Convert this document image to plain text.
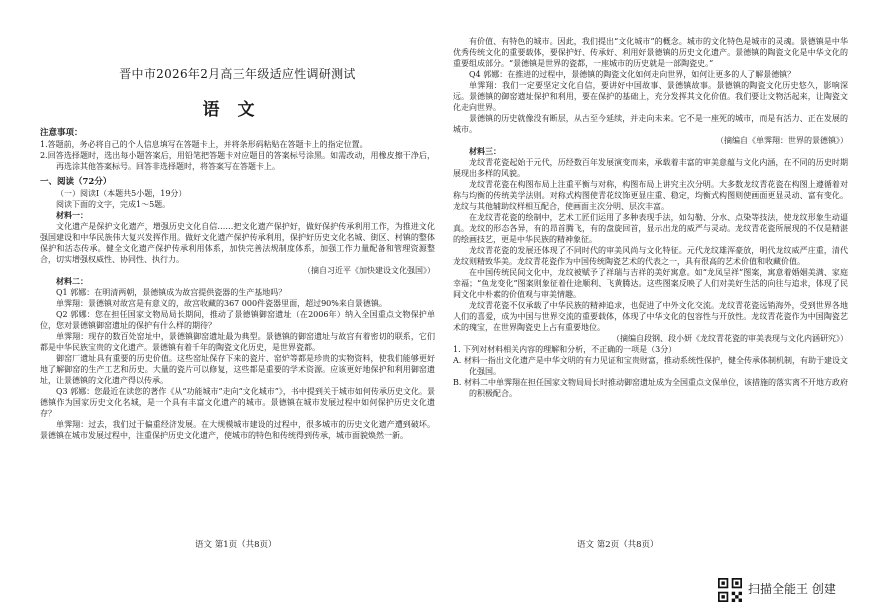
晋中市2026年2月高三年级适应性调研测试
语文

注意事项：

1.答题前，务必将自己的个人信息填写在答题卡上，并将条形码粘贴在答题卡上的指定位置。

2.回答选择题时，选出每小题答案后，用铅笔把答题卡对应题目的答案标号涂黑。如需改动，用橡皮擦干净后，再选涂其他答案标号。回答非选择题时，将答案写在答题卡上。

一、阅读（72分）

（一）阅读Ⅰ（本题共5小题，19分）

阅读下面的文字，完成1～5题。

材料一：

文化遗产是保护文化遗产，增强历史文化自信……把文化遗产保护好，做好保护传承利用工作，为推进文化强国建设和中华民族伟大复兴发挥作用。做好文化遗产保护传承利用，保护好历史文化名城、街区、村镇的整体保护和活态传承。健全文化遗产保护传承利用体系，加快完善法规制度体系，加强工作力量配备和管理资源整合，切实增强权威性、协同性、执行力。

（摘自习近平《加快建设文化强国》）

材料二：

Q1 郭娜：在明清两朝，景德镇成为故宫提供瓷器的生产基地吗？

单霁翔：景德镇对故宫是有意义的，故宫收藏的367 000件瓷器里面，超过90%来自景德镇。

Q2 郭娜：您在担任国家文物局局长期间，推动了景德镇御窑遗址（在2006年）纳入全国重点文物保护单位，您对景德镇御窑遗址的保护有什么样的期待？

单霁翔：现存的数百处窑址中，景德镇御窑遗址最为典型。景德镇的御窑遗址与故宫有着密切的联系，它们都是中华民族宝贵的文化遗产。景德镇有着千年的陶瓷文化历史，是世界瓷都。

御窑厂遗址具有重要的历史价值。这些窑址保存下来的瓷片、窑炉等都是珍贵的实物资料，使我们能够更好地了解御窑的生产工艺和历史。大量的瓷片可以修复，这些都是重要的学术资源。应该更好地保护和利用御窑遗址，让景德镇的文化遗产得以传承。

Q3 郭娜：您最近在读您的著作《从“功能城市”走向“文化城市”》，书中提到关于城市如何传承历史文化。景德镇作为国家历史文化名城，是一个具有丰富文化遗产的城市。景德镇在城市发展过程中如何保护历史文化遗存？

单霁翔：过去，我们过于偏重经济发展。在大规模城市建设的过程中，很多城市的历史文化遗产遭到破坏。景德镇在城市发展过程中，注重保护历史文化遗产，使城市的特色和传统得到传承，城市面貌焕然一新。

语文 第1页（共8页）

有价值、有特色的城市。因此，我们提出“文化城市”的概念。城市的文化特色是城市的灵魂。景德镇是中华优秀传统文化的重要载体，要保护好、传承好、利用好景德镇的历史文化遗产。景德镇的陶瓷文化是中华文化的重要组成部分。“景德镇是世界的瓷都，一座城市的历史就是一部陶瓷史。”

Q4 郭娜：在推进的过程中，景德镇的陶瓷文化如何走向世界，如何让更多的人了解景德镇？

单霁翔：我们一定要坚定文化自信，要讲好中国故事、景德镇故事。景德镇的陶瓷文化历史悠久，影响深远。景德镇的御窑遗址保护和利用，要在保护的基础上，充分发挥其文化价值。我们要让文物活起来，让陶瓷文化走向世界。

景德镇的历史就像没有断层，从古至今延续，并走向未来。它不是一座死的城市，而是有活力、正在发展的城市。

（摘编自《单霁翔：世界的景德镇》）

材料三：

龙纹青花瓷起始于元代，历经数百年发展演变而来，承载着丰富的审美意蕴与文化内涵，在不同的历史时期展现出多样的风貌。

龙纹青花瓷在构图布局上注重平衡与对称，构图布局上讲究主次分明。大多数龙纹青花瓷在构图上遵循着对称与均衡的传统美学法则。对称式构图使青花纹饰更显庄重、稳定，均衡式构图则使画面更显灵动、富有变化。龙纹与其他辅助纹样相互配合，使画面主次分明、层次丰富。

在龙纹青花瓷的绘制中，艺术工匠们运用了多种表现手法，如勾勒、分水、点染等技法，使龙纹形象生动逼真。龙纹的形态各异，有的昂首腾飞，有的盘旋回首，显示出龙的威严与灵动。龙纹青花瓷所展现的不仅是精湛的绘画技艺，更是中华民族的精神象征。

龙纹青花瓷的发展还体现了不同时代的审美风尚与文化特征。元代龙纹雄浑豪放，明代龙纹威严庄重，清代龙纹则精致华美。龙纹青花瓷作为中国传统陶瓷艺术的代表之一，具有很高的艺术价值和收藏价值。

在中国传统民间文化中，龙纹被赋予了祥瑞与吉祥的美好寓意。如“龙凤呈祥”图案，寓意着婚姻美满、家庭幸福；“鱼龙变化”图案则象征着仕途顺利、飞黄腾达。这些图案反映了人们对美好生活的向往与追求，体现了民间文化中朴素的价值观与审美情趣。

龙纹青花瓷不仅承载了中华民族的精神追求，也促进了中外文化交流。龙纹青花瓷远销海外，受到世界各地人们的喜爱，成为中国与世界交流的重要载体，体现了中华文化的包容性与开放性。龙纹青花瓷作为中国陶瓷艺术的瑰宝，在世界陶瓷史上占有重要地位。

（摘编自段钢、段小妍《龙纹青花瓷的审美表现与文化内涵研究》）

1. 下列对材料相关内容的理解和分析，不正确的一项是（3分）

A. 材料一指出文化遗产是中华文明的有力见证和宝贵财富，推动系统性保护，健全传承体制机制，有助于建设文化强国。

B. 材料二中单霁翔在担任国家文物局局长时推动御窑遗址成为全国重点文保单位，该措施的落实离不开地方政府的积极配合。

语文 第2页（共8页）
扫描全能王 创建
